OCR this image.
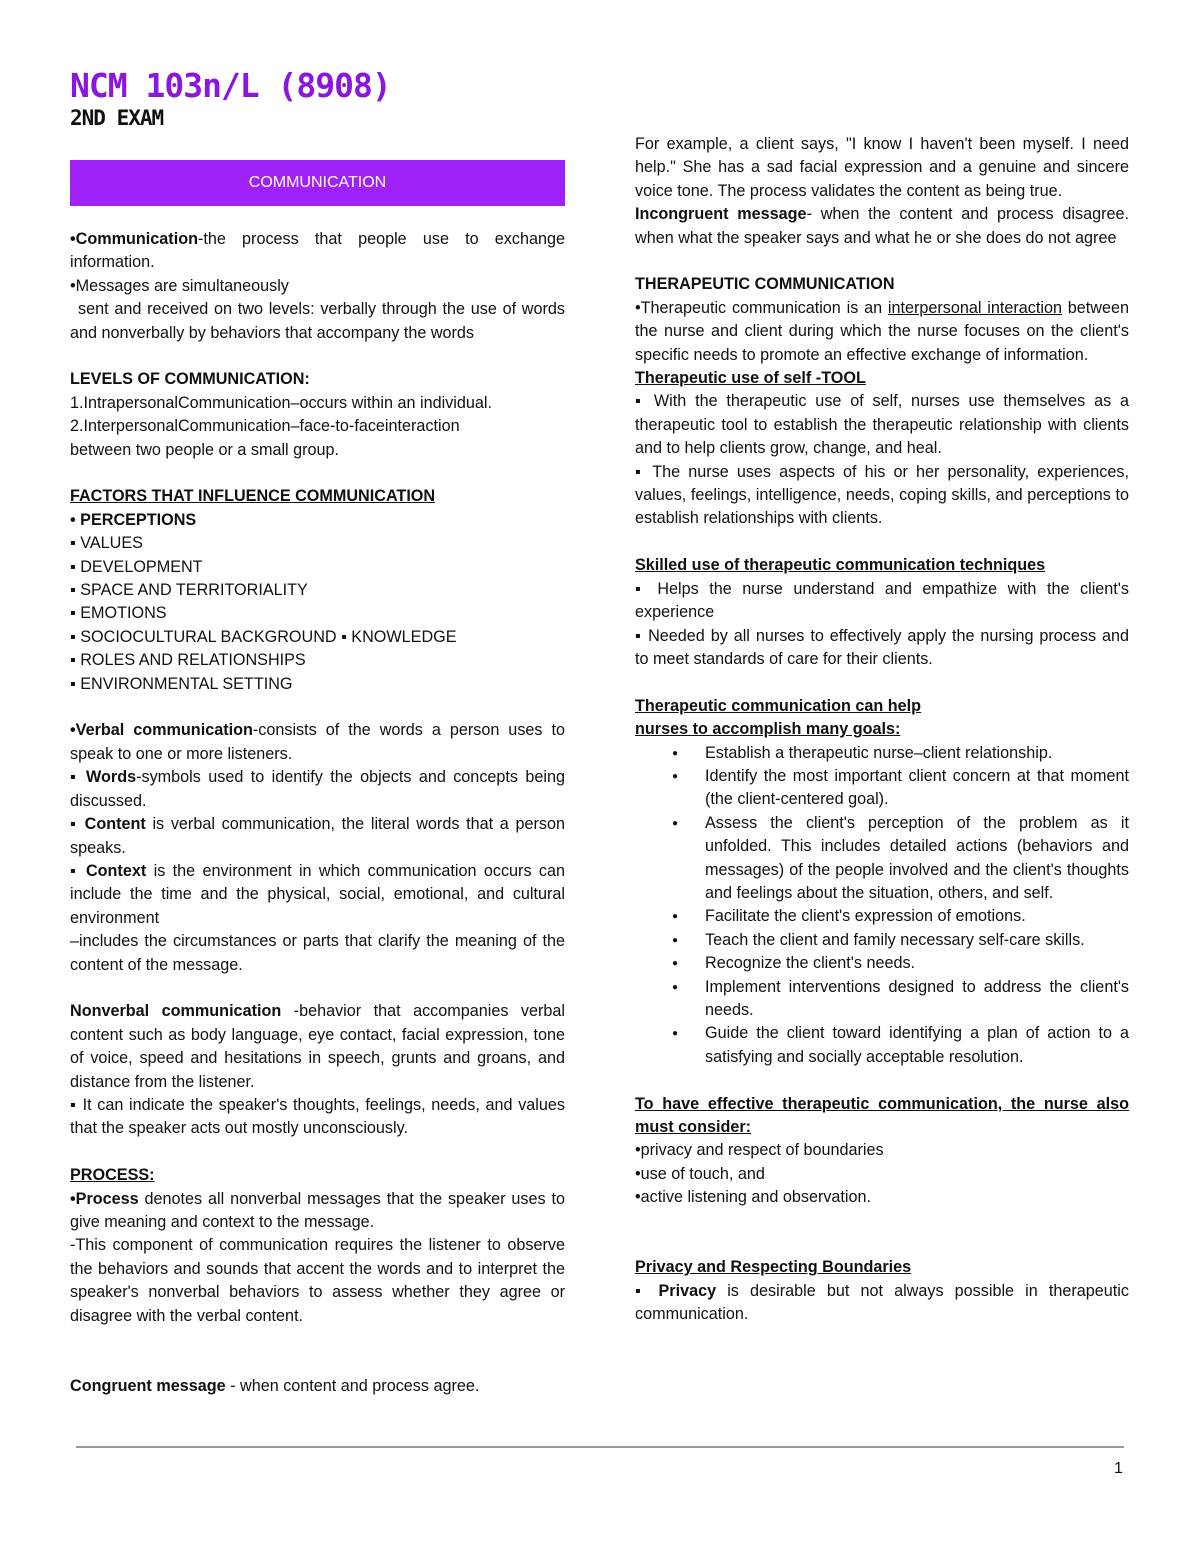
NCM 103n/L (8908)
2ND EXAM
COMMUNICATION

•Communication-the process that people use to exchange information.

•Messages are simultaneously

sent and received on two levels: verbally through the use of words and nonverbally by behaviors that accompany the words

LEVELS OF COMMUNICATION:

1.IntrapersonalCommunication–occurs within an individual.

2.InterpersonalCommunication–face-to-faceinteraction

between two people or a small group.

FACTORS THAT INFLUENCE COMMUNICATION

• PERCEPTIONS

▪ VALUES

▪ DEVELOPMENT

▪ SPACE AND TERRITORIALITY

▪ EMOTIONS

▪ SOCIOCULTURAL BACKGROUND ▪ KNOWLEDGE

▪ ROLES AND RELATIONSHIPS

▪ ENVIRONMENTAL SETTING

•Verbal communication-consists of the words a person uses to speak to one or more listeners.

▪ Words-symbols used to identify the objects and concepts being discussed.

▪ Content is verbal communication, the literal words that a person speaks.

▪ Context is the environment in which communication occurs can include the time and the physical, social, emotional, and cultural environment

–includes the circumstances or parts that clarify the meaning of the content of the message.

Nonverbal communication -behavior that accompanies verbal content such as body language, eye contact, facial expression, tone of voice, speed and hesitations in speech, grunts and groans, and distance from the listener.

▪ It can indicate the speaker's thoughts, feelings, needs, and values that the speaker acts out mostly unconsciously.

PROCESS:

•Process denotes all nonverbal messages that the speaker uses to give meaning and context to the message.

-This component of communication requires the listener to observe the behaviors and sounds that accent the words and to interpret the speaker's nonverbal behaviors to assess whether they agree or disagree with the verbal content.

Congruent message - when content and process agree.

For example, a client says, "I know I haven't been myself. I need help." She has a sad facial expression and a genuine and sincere voice tone. The process validates the content as being true.

Incongruent message- when the content and process disagree. when what the speaker says and what he or she does do not agree

THERAPEUTIC COMMUNICATION

•Therapeutic communication is an interpersonal interaction between the nurse and client during which the nurse focuses on the client's specific needs to promote an effective exchange of information.

Therapeutic use of self -TOOL

▪ With the therapeutic use of self, nurses use themselves as a therapeutic tool to establish the therapeutic relationship with clients and to help clients grow, change, and heal.

▪ The nurse uses aspects of his or her personality, experiences, values, feelings, intelligence, needs, coping skills, and perceptions to establish relationships with clients.

Skilled use of therapeutic communication techniques

▪ Helps the nurse understand and empathize with the client's experience

▪ Needed by all nurses to effectively apply the nursing process and to meet standards of care for their clients.

Therapeutic communication can help

nurses to accomplish many goals:

● Establish a therapeutic nurse–client relationship.
● Identify the most important client concern at that moment (the client-centered goal).
● Assess the client's perception of the problem as it unfolded. This includes detailed actions (behaviors and messages) of the people involved and the client's thoughts and feelings about the situation, others, and self.
● Facilitate the client's expression of emotions.
● Teach the client and family necessary self-care skills.
● Recognize the client's needs.
● Implement interventions designed to address the client's needs.
● Guide the client toward identifying a plan of action to a satisfying and socially acceptable resolution.

To have effective therapeutic communication, the nurse also must consider:

•privacy and respect of boundaries

•use of touch, and

•active listening and observation.

Privacy and Respecting Boundaries

▪ Privacy is desirable but not always possible in therapeutic communication.

1
